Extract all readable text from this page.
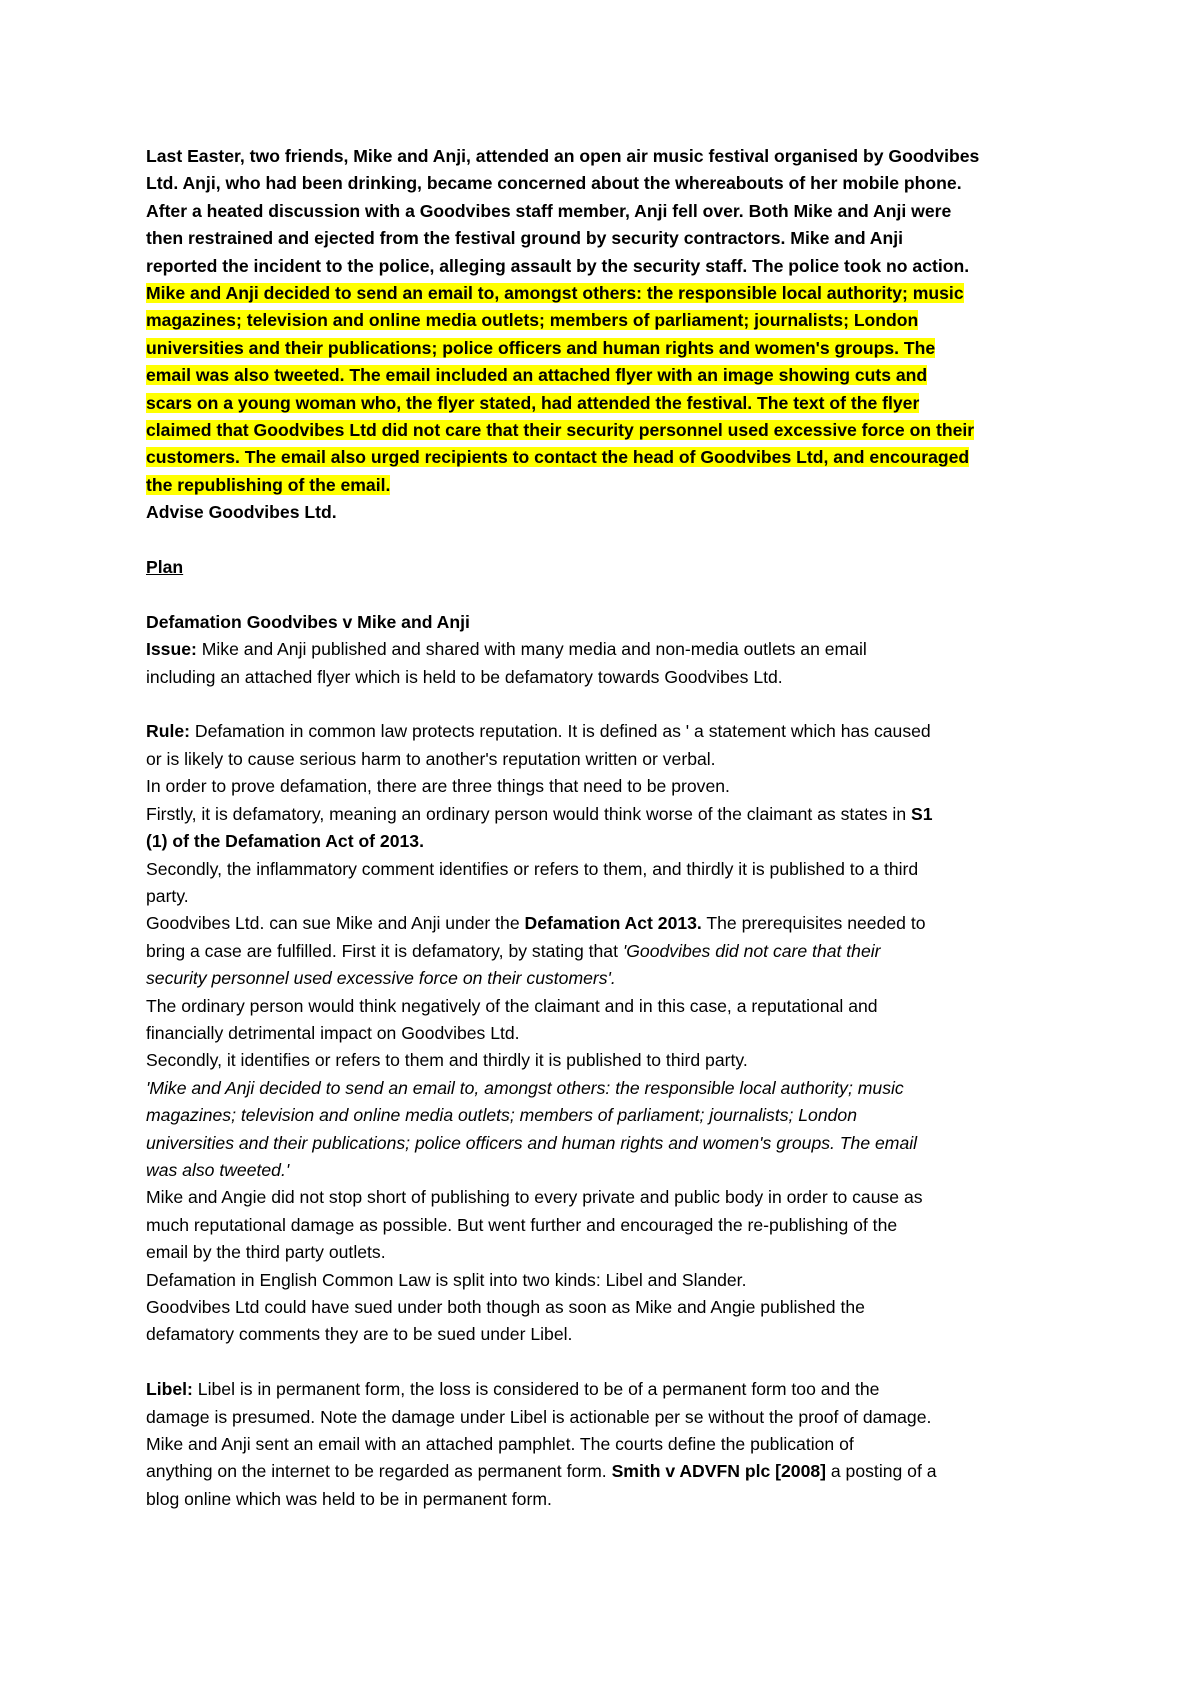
Last Easter, two friends, Mike and Anji, attended an open air music festival organised by Goodvibes
Ltd. Anji, who had been drinking, became concerned about the whereabouts of her mobile phone.
After a heated discussion with a Goodvibes staff member, Anji fell over. Both Mike and Anji were
then restrained and ejected from the festival ground by security contractors. Mike and Anji
reported the incident to the police, alleging assault by the security staff. The police took no action.
Mike and Anji decided to send an email to, amongst others: the responsible local authority; music
magazines; television and online media outlets; members of parliament; journalists; London
universities and their publications; police officers and human rights and women's groups. The
email was also tweeted. The email included an attached flyer with an image showing cuts and
scars on a young woman who, the flyer stated, had attended the festival. The text of the flyer
claimed that Goodvibes Ltd did not care that their security personnel used excessive force on their
customers. The email also urged recipients to contact the head of Goodvibes Ltd, and encouraged
the republishing of the email.
Advise Goodvibes Ltd.

Plan

Defamation Goodvibes v Mike and Anji
Issue: Mike and Anji published and shared with many media and non-media outlets an email
including an attached flyer which is held to be defamatory towards Goodvibes Ltd.

Rule: Defamation in common law protects reputation. It is defined as ' a statement which has caused
or is likely to cause serious harm to another's reputation written or verbal.
In order to prove defamation, there are three things that need to be proven.
Firstly, it is defamatory, meaning an ordinary person would think worse of the claimant as states in S1
(1) of the Defamation Act of 2013.
Secondly, the inflammatory comment identifies or refers to them, and thirdly it is published to a third
party.
Goodvibes Ltd. can sue Mike and Anji under the Defamation Act 2013. The prerequisites needed to
bring a case are fulfilled. First it is defamatory, by stating that 'Goodvibes did not care that their
security personnel used excessive force on their customers'.
The ordinary person would think negatively of the claimant and in this case, a reputational and
financially detrimental impact on Goodvibes Ltd.
Secondly, it identifies or refers to them and thirdly it is published to third party.
'Mike and Anji decided to send an email to, amongst others: the responsible local authority; music
magazines; television and online media outlets; members of parliament; journalists; London
universities and their publications; police officers and human rights and women's groups. The email
was also tweeted.'
Mike and Angie did not stop short of publishing to every private and public body in order to cause as
much reputational damage as possible. But went further and encouraged the re-publishing of the
email by the third party outlets.
Defamation in English Common Law is split into two kinds: Libel and Slander.
Goodvibes Ltd could have sued under both though as soon as Mike and Angie published the
defamatory comments they are to be sued under Libel.

Libel: Libel is in permanent form, the loss is considered to be of a permanent form too and the
damage is presumed. Note the damage under Libel is actionable per se without the proof of damage.
Mike and Anji sent an email with an attached pamphlet. The courts define the publication of
anything on the internet to be regarded as permanent form. Smith v ADVFN plc [2008] a posting of a
blog online which was held to be in permanent form.
